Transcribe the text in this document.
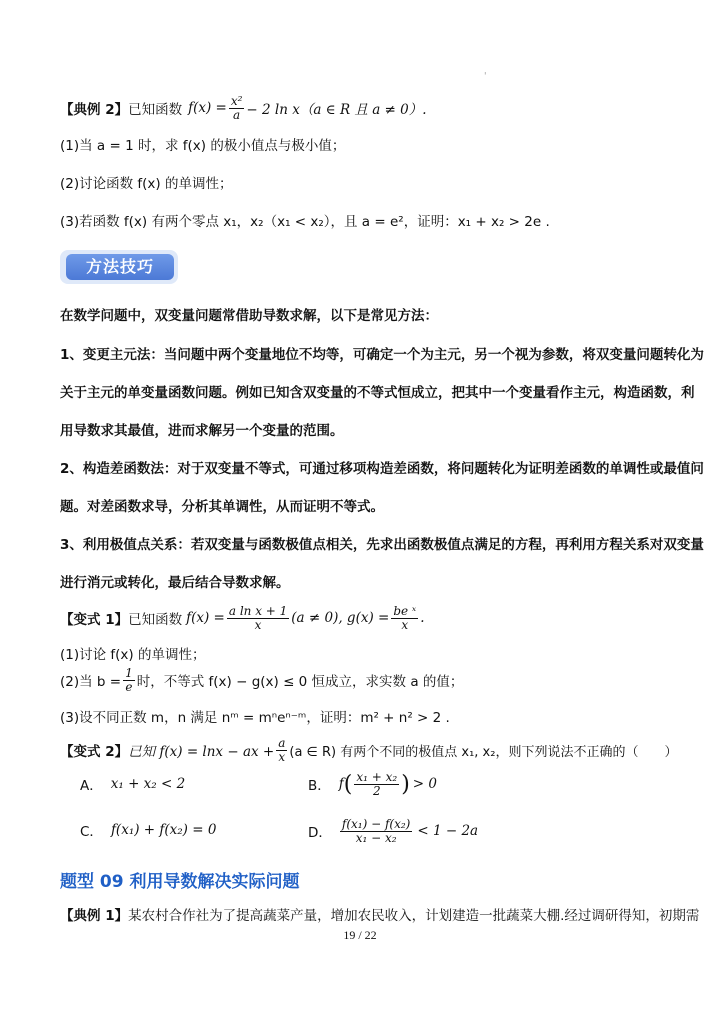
'
【典例 2】 已知函数 $f(x) = \frac{\text{x²}}{a} - 2$ ln x（a ∈ R 且 a ≠ 0）.
(1)当 a = 1 时，求 f(x) 的极小值点与极小值；
(2)讨论函数 f(x) 的单调性；
(3)若函数 f(x) 有两个零点 x₁，x₂（x₁ < x₂），且 a = e²，证明：x₁ + x₂ > 2e .
方法技巧
在数学问题中，双变量问题常借助导数求解，以下是常见方法：
1、变更主元法：当问题中两个变量地位不均等，可确定一个为主元，另一个视为参数，将双变量问题转化为
关于主元的单变量函数问题。例如已知含双变量的不等式恒成立，把其中一个变量看作主元，构造函数，利
用导数求其最值，进而求解另一个变量的范围。
2、构造差函数法：对于双变量不等式，可通过移项构造差函数，将问题转化为证明差函数的单调性或最值问
题。对差函数求导，分析其单调性，从而证明不等式。
3、利用极值点关系：若双变量与函数极值点相关，先求出函数极值点满足的方程，再利用方程关系对双变量
进行消元或转化，最后结合导数求解。
【变式 1】 已知函数 $f(x) = \frac{\text{a ln x + 1}}{x} (a \ne 0)$, $g(x) = \frac{\text{be ˣ}}{x}$ .
(1)讨论 f(x) 的单调性；
(2)当 $b = \frac{1}{e}$ 时，不等式 f(x) − g(x) ≤ 0 恒成立，求实数 a 的值；
(3)设不同正数 m，n 满足 nᵐ = mⁿeⁿ⁻ᵐ，证明：m² + n² > 2 .
【变式 2】 已知 f(x) = lnx − ax + $\frac{a}{x} (a$ ∈ R) 有两个不同的极值点 x₁, x₂，则下列说法不正确的（　　）
A． x₁ + x₂ < 2	B． f ( $\frac{\text{x₁ + x₂}}{2}$ ) > 0
C． f(x₁) + f(x₂) = 0	D． $\frac{\text{f(x₁) − f(x₂)}}{\text{x₁ − x₂}} < 1 - 2a$
题型 09 利用导数解决实际问题
【典例 1】某农村合作社为了提高蔬菜产量，增加农民收入，计划建造一批蔬菜大棚.经过调研得知，初期需
19 / 22
